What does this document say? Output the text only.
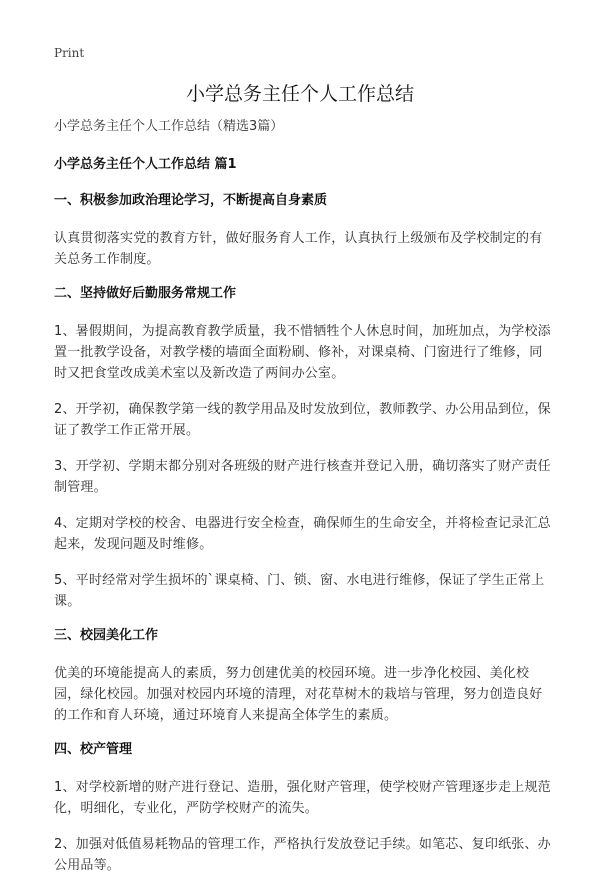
Print
小学总务主任个人工作总结

小学总务主任个人工作总结（精选3篇）

小学总务主任个人工作总结 篇1

一、积极参加政治理论学习，不断提高自身素质

认真贯彻落实党的教育方针，做好服务育人工作，认真执行上级颁布及学校制定的有关总务工作制度。

二、坚持做好后勤服务常规工作

1、暑假期间，为提高教育教学质量，我不惜牺牲个人休息时间，加班加点，为学校添置一批教学设备，对教学楼的墙面全面粉刷、修补，对课桌椅、门窗进行了维修，同时又把食堂改成美术室以及新改造了两间办公室。

2、开学初，确保教学第一线的教学用品及时发放到位，教师教学、办公用品到位，保证了教学工作正常开展。

3、开学初、学期末都分别对各班级的财产进行核查并登记入册，确切落实了财产责任制管理。

4、定期对学校的校舍、电器进行安全检查，确保师生的生命安全，并将检查记录汇总起来，发现问题及时维修。

5、平时经常对学生损坏的`课桌椅、门、锁、窗、水电进行维修，保证了学生正常上课。

三、校园美化工作

优美的环境能提高人的素质，努力创建优美的校园环境。进一步净化校园、美化校园，绿化校园。加强对校园内环境的清理，对花草树木的栽培与管理，努力创造良好的工作和育人环境，通过环境育人来提高全体学生的素质。

四、校产管理

1、对学校新增的财产进行登记、造册，强化财产管理，使学校财产管理逐步走上规范化，明细化，专业化，严防学校财产的流失。

2、加强对低值易耗物品的管理工作，严格执行发放登记手续。如笔芯、复印纸张、办公用品等。
